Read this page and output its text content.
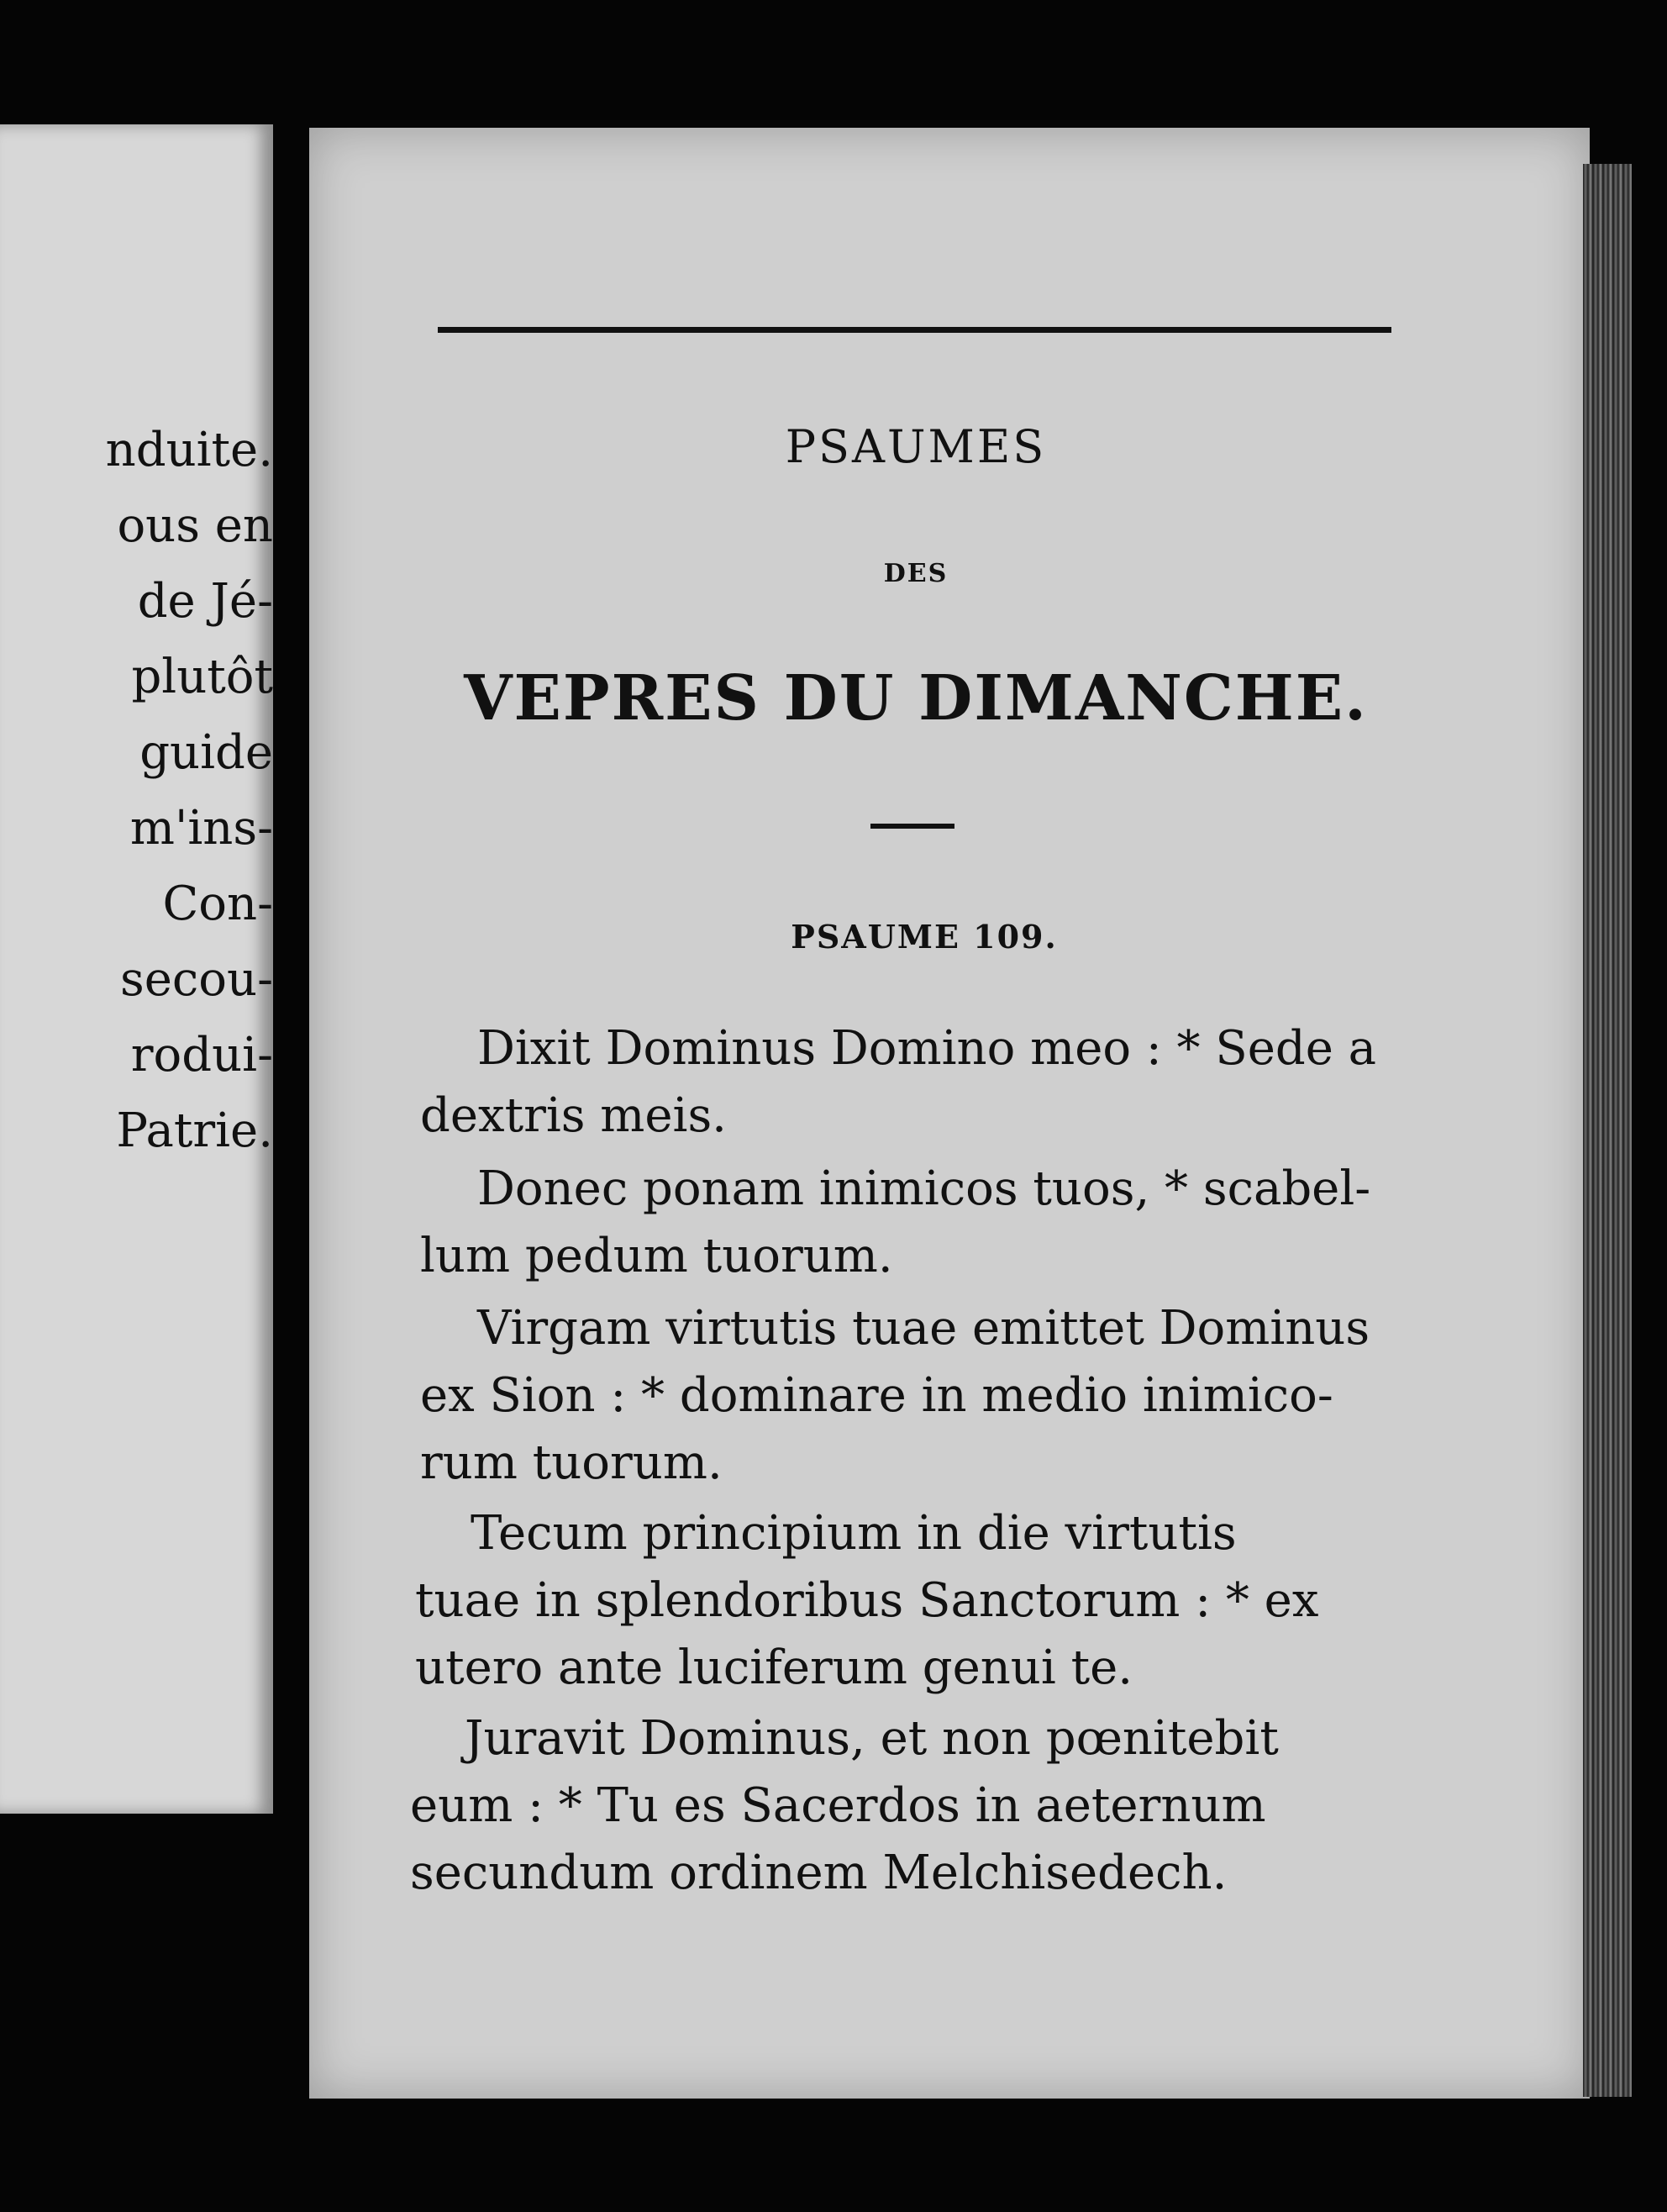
nduite.
ous en
de Jé-
plutôt
guide
m'ins-
Con-
secou-
rodui-
Patrie.
PSAUMES
DES
VEPRES DU DIMANCHE.
PSAUME 109.
Dixit Dominus Domino meo : * Sede a
dextris meis.
Donec ponam inimicos tuos, * scabel-
lum pedum tuorum.
Virgam virtutis tuae emittet Dominus
ex Sion : * dominare in medio inimico-
rum tuorum.
Tecum principium in die virtutis
tuae in splendoribus Sanctorum : * ex
utero ante luciferum genui te.
Juravit Dominus, et non pœnitebit
eum : * Tu es Sacerdos in aeternum
secundum ordinem Melchisedech.
